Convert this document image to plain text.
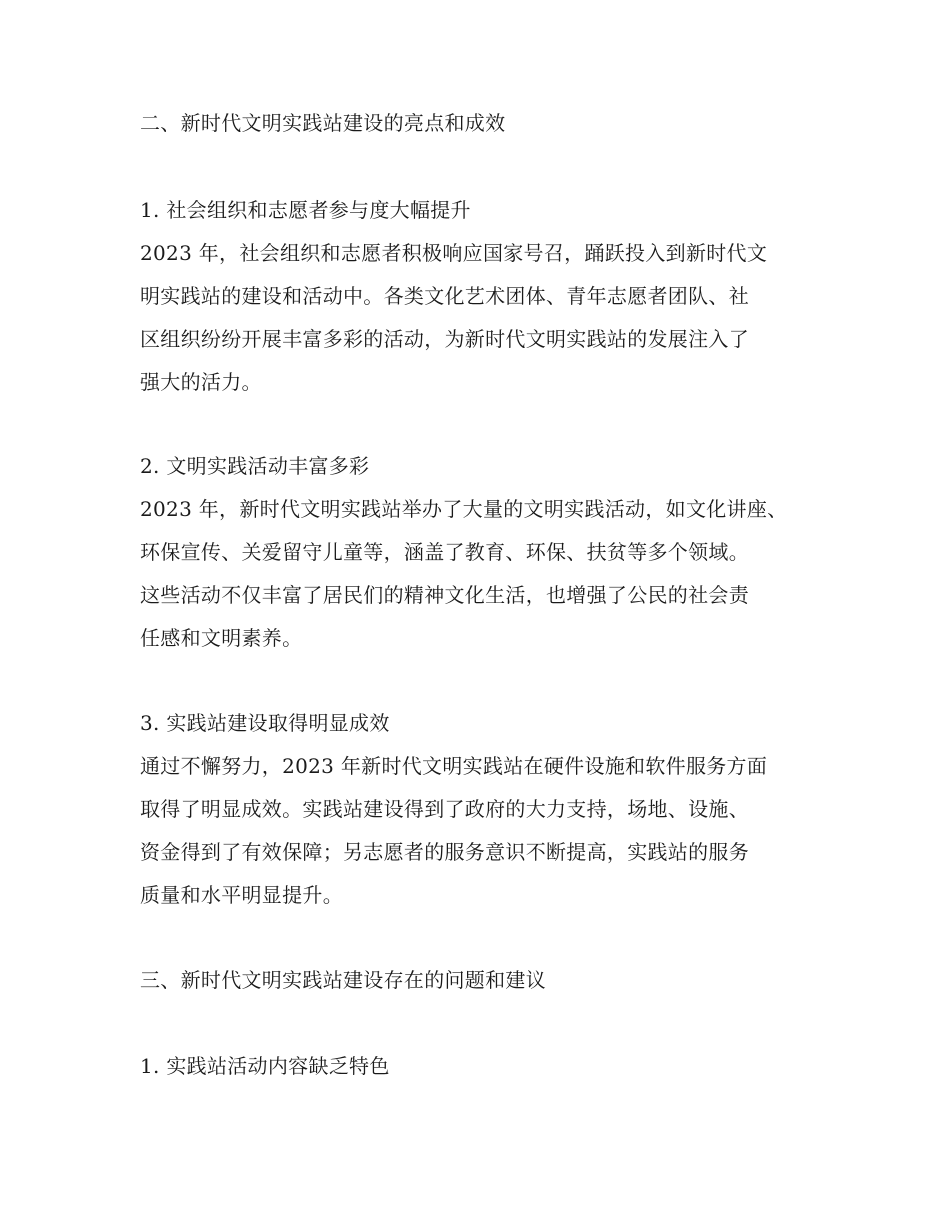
二、新时代文明实践站建设的亮点和成效
1. 社会组织和志愿者参与度大幅提升
2023 年，社会组织和志愿者积极响应国家号召，踊跃投入到新时代文
明实践站的建设和活动中。各类文化艺术团体、青年志愿者团队、社
区组织纷纷开展丰富多彩的活动，为新时代文明实践站的发展注入了
强大的活力。
2. 文明实践活动丰富多彩
2023 年，新时代文明实践站举办了大量的文明实践活动，如文化讲座、
环保宣传、关爱留守儿童等，涵盖了教育、环保、扶贫等多个领域。
这些活动不仅丰富了居民们的精神文化生活，也增强了公民的社会责
任感和文明素养。
3. 实践站建设取得明显成效
通过不懈努力，2023 年新时代文明实践站在硬件设施和软件服务方面
取得了明显成效。实践站建设得到了政府的大力支持，场地、设施、
资金得到了有效保障；另志愿者的服务意识不断提高，实践站的服务
质量和水平明显提升。
三、新时代文明实践站建设存在的问题和建议
1. 实践站活动内容缺乏特色
